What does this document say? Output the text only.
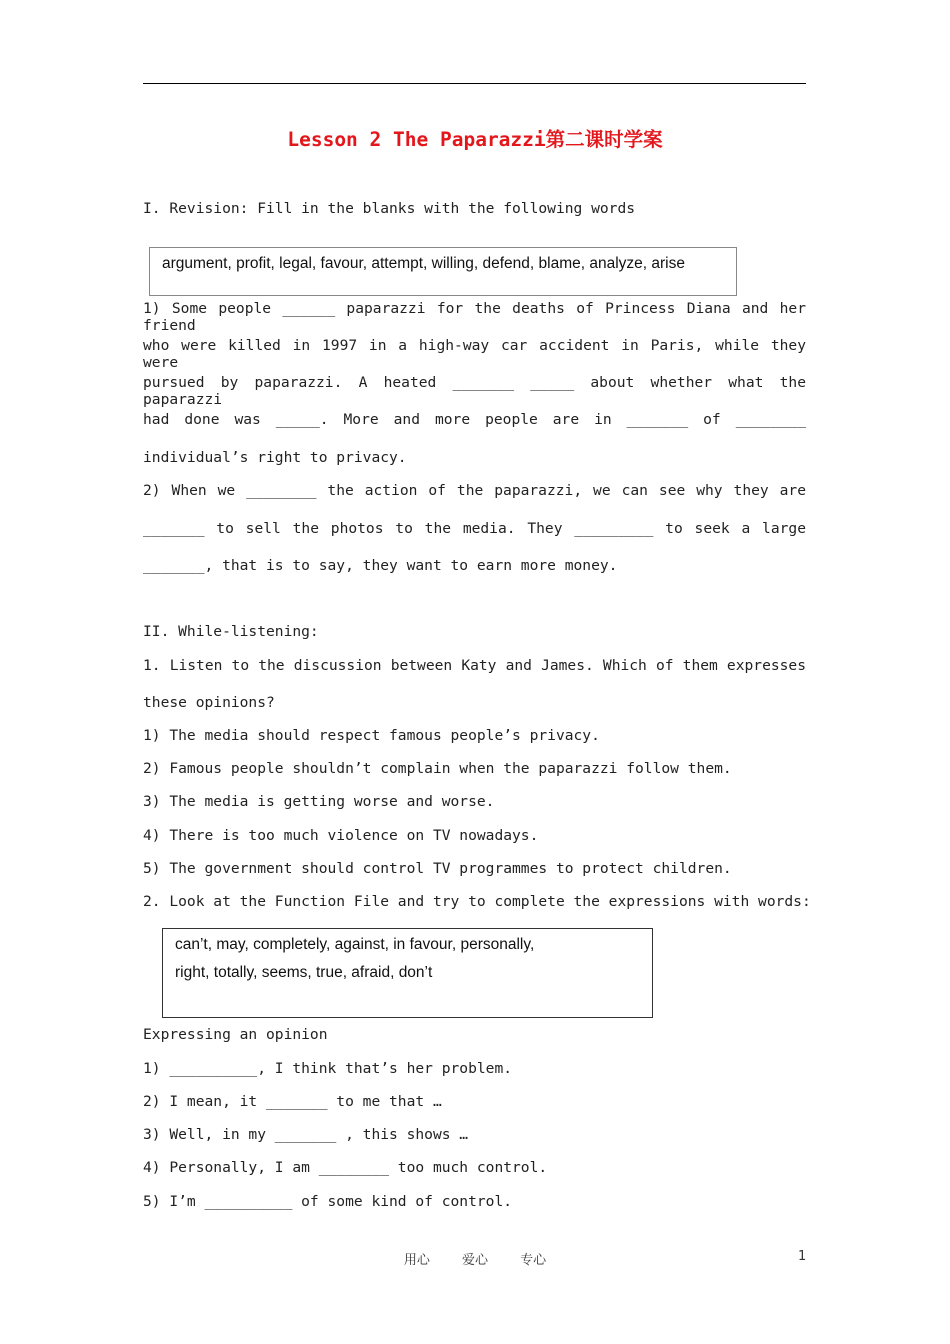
Lesson 2 The Paparazzi第二课时学案
I. Revision: Fill in the blanks with the following words

argument, profit, legal, favour, attempt, willing, defend, blame, analyze, arise

1) Some people ______ paparazzi for the deaths of Princess Diana and her friend
who were killed in 1997 in a high-way car accident in Paris, while they were
pursued by paparazzi. A heated _______ _____ about whether what the paparazzi
had done was _____. More and more people are in _______ of ________
individual’s right to privacy.
2) When we ________ the action of the paparazzi, we can see why they are
_______ to sell the photos to the media. They _________ to seek a large
_______, that is to say, they want to earn more money.
II. While-listening:
1. Listen to the discussion between Katy and James. Which of them expresses
these opinions?
1) The media should respect famous people’s privacy.
2) Famous people shouldn’t complain when the paparazzi follow them.
3) The media is getting worse and worse.
4) There is too much violence on TV nowadays.
5) The government should control TV programmes to protect children.
2. Look at the Function File and try to complete the expressions with words:
can’t, may, completely, against, in favour, personally,
right, totally, seems, true, afraid, don’t
Expressing an opinion
1) __________, I think that’s her problem.
2) I mean, it _______ to me that …
3) Well, in my _______ , this shows …
4) Personally, I am ________ too much control.
5) I’m __________ of some kind of control.
用心 爱心 专心	1
